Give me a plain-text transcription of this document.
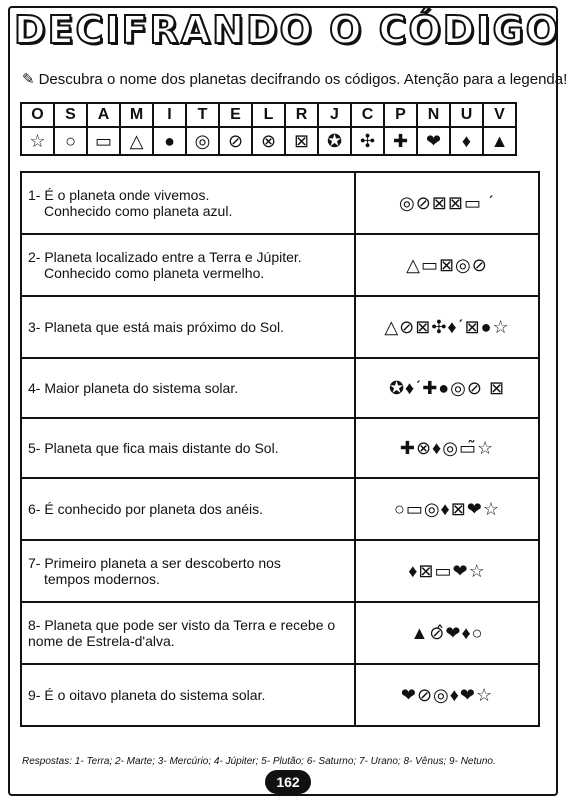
DECIFRANDO O CÓDIGO
✎ Descubra o nome dos planetas decifrando os códigos. Atenção para a legenda!
O	S	A	M	I	T	E	L	R	J	C	P	N	U	V
☆	○	▭	△	●	◎	⊘	⊗	⊠	✪	✣	✚	❤	♦	▲
1- É o planeta onde vivemos.
Conhecido como planeta azul.	◎⊘⊠⊠▭ ˊ
2- Planeta localizado entre a Terra e Júpiter.
Conhecido como planeta vermelho.	△▭⊠◎⊘
3- Planeta que está mais próximo do Sol.	△⊘⊠✣♦ˊ⊠●☆
4- Maior planeta do sistema solar.	✪♦ˊ✚●◎⊘ ⊠
5- Planeta que fica mais distante do Sol.	✚⊗♦◎▭̃☆
6- É conhecido por planeta dos anéis.	○▭◎♦⊠❤☆
7- Primeiro planeta a ser descoberto nos
tempos modernos.	♦⊠▭❤☆
8- Planeta que pode ser visto da Terra e recebe o
nome de Estrela-d'alva.	▲⊘̂❤♦○
9- É o oitavo planeta do sistema solar.	❤⊘◎♦❤☆
Respostas: 1- Terra; 2- Marte; 3- Mercúrio; 4- Júpiter; 5- Plutão; 6- Saturno; 7- Urano; 8- Vênus; 9- Netuno.
162
